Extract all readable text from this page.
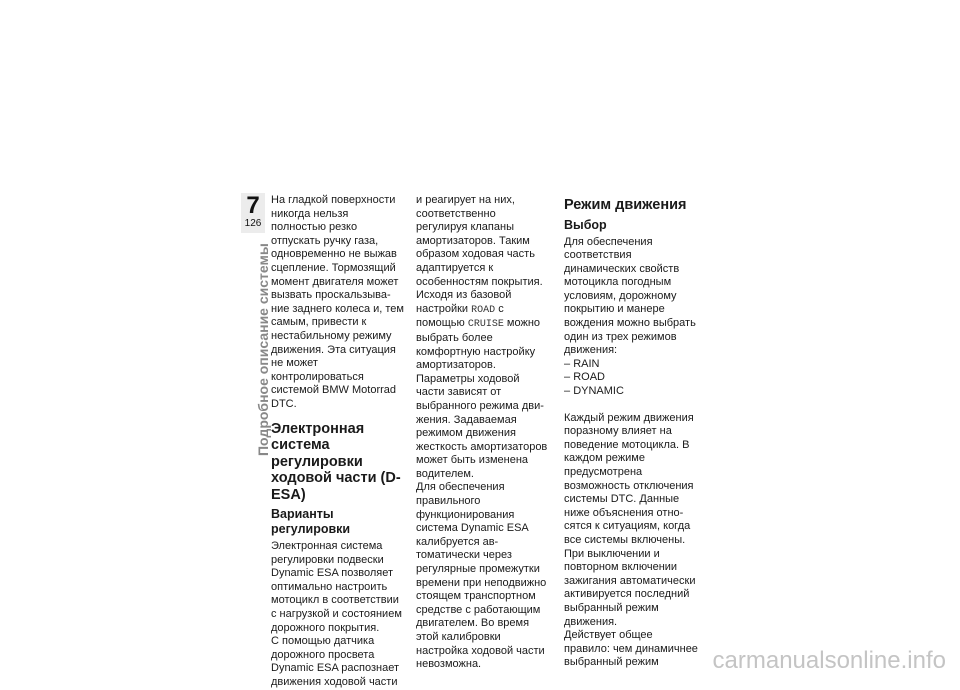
7
126
Подробное описание системы

На гладкой поверхности никогда нельзя полностью резко отпускать ручку газа, одновременно не выжав сцепление. Тормозящий момент двигателя может вызвать проскальзывание заднего колеса и, тем самым, привести к нестабильному режиму движения. Эта ситуация не может контролироваться системой BMW Motorrad DTC.

Электронная система регулировки ходовой части (D-ESA)
Варианты регулировки

Электронная система регулировки подвески Dynamic ESA позволяет оптимально настроить мотоцикл в соответствии с нагрузкой и состоянием дорожного покрытия.

С помощью датчика дорожного просвета Dynamic ESA распознает движения ходовой части

и реагирует на них, соответственно регулируя клапаны амортизаторов. Таким образом ходовая часть адаптируется к особенностям покрытия.

Исходя из базовой настройки ROAD с помощью CRUISE можно выбрать более комфортную настройку амортизаторов.

Параметры ходовой части зависят от выбранного режима движения. Задаваемая режимом движения жесткость амортизаторов может быть изменена водителем.

Для обеспечения правильного функционирования система Dynamic ESA калибруется автоматически через регулярные промежутки времени при неподвижно стоящем транспортном средстве с работающим двигателем. Во время этой калибровки настройка ходовой части невозможна.

Режим движения
Выбор

Для обеспечения соответствия динамических свойств мотоцикла погодным условиям, дорожному покрытию и манере вождения можно выбрать один из трех режимов движения:

– RAIN
– ROAD
– DYNAMIC

Каждый режим движения поразному влияет на поведение мотоцикла. В каждом режиме предусмотрена возможность отключения системы DTC. Данные ниже объяснения относятся к ситуациям, когда все системы включены. При выключении и повторном включении зажигания автоматически активируется последний выбранный режим движения.

Действует общее правило: чем динамичнее выбранный режим	carmanualsonline.info
